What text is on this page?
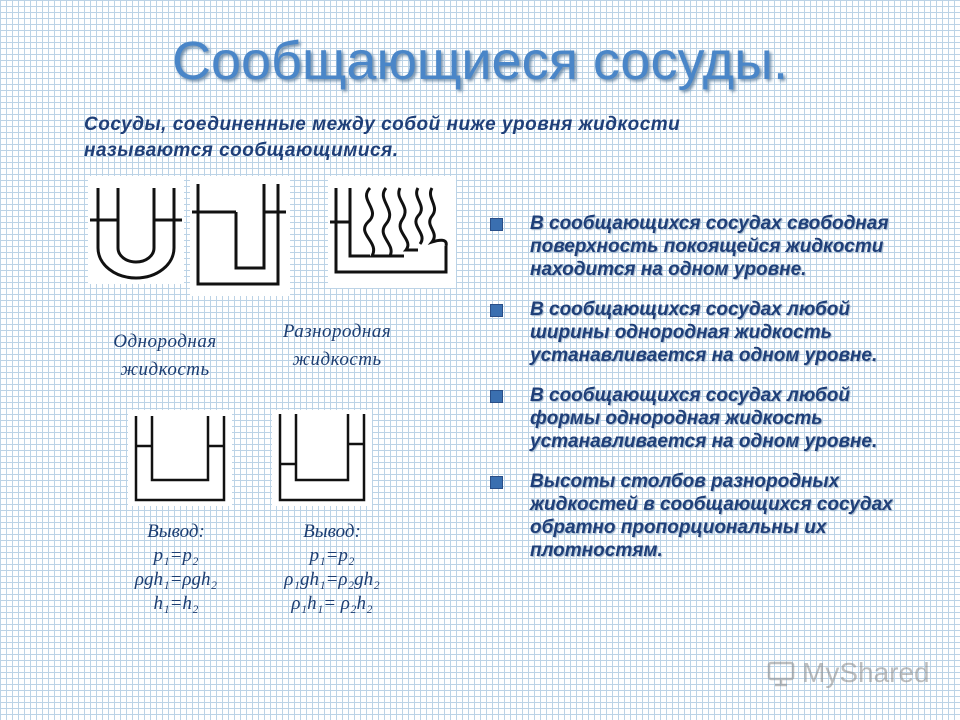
Сообщающиеся сосуды.
Сосуды, соединенные между собой ниже уровня жидкости
называются сообщающимися.
Однородная
жидкость
Разнородная
жидкость
Вывод:
p₁=p₂
ρgh₁=ρgh₂
h₁=h₂
Вывод:
p₁=p₂
ρ₁gh₁=ρ₂gh₂
ρ₁h₁= ρ₂h₂
В сообщающихся сосудах свободная поверхность покоящейся жидкости находится на одном уровне.
В сообщающихся сосудах любой ширины однородная жидкость устанавливается на одном уровне.
В сообщающихся сосудах любой формы однородная жидкость устанавливается на одном уровне.
Высоты столбов разнородных жидкостей в сообщающихся сосудах обратно пропорциональны их плотностям.
MyShared
